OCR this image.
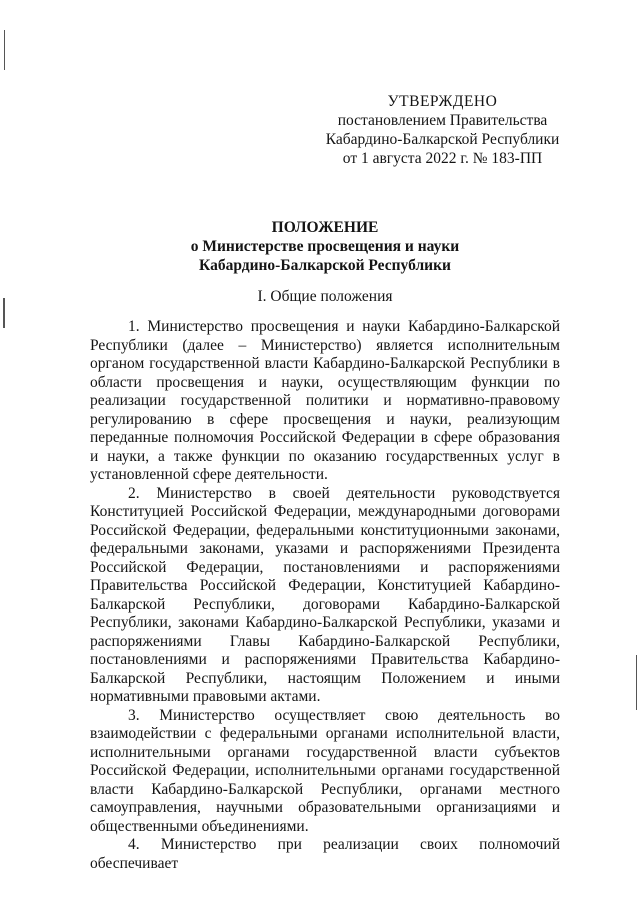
УТВЕРЖДЕНО
постановлением Правительства
Кабардино-Балкарской Республики
от 1 августа 2022 г. № 183-ПП
ПОЛОЖЕНИЕ
о Министерстве просвещения и науки
Кабардино-Балкарской Республики
I. Общие положения

1. Министерство просвещения и науки Кабардино-Балкарской Республики (далее – Министерство) является исполнительным органом государственной власти Кабардино-Балкарской Республики в области просвещения и науки, осуществляющим функции по реализации государственной политики и нормативно-правовому регулированию в сфере просвещения и науки, реализующим переданные полномочия Российской Федерации в сфере образования и науки, а также функции по оказанию государственных услуг в установленной сфере деятельности.

2. Министерство в своей деятельности руководствуется Конституцией Российской Федерации, международными договорами Российской Федерации, федеральными конституционными законами, федеральными законами, указами и распоряжениями Президента Российской Федерации, постановлениями и распоряжениями Правительства Российской Федерации, Конституцией Кабардино-Балкарской Республики, договорами Кабардино-Балкарской Республики, законами Кабардино-Балкарской Республики, указами и распоряжениями Главы Кабардино-Балкарской Республики, постановлениями и распоряжениями Правительства Кабардино-Балкарской Республики, настоящим Положением и иными нормативными правовыми актами.

3. Министерство осуществляет свою деятельность во взаимодействии с федеральными органами исполнительной власти, исполнительными органами государственной власти субъектов Российской Федерации, исполнительными органами государственной власти Кабардино-Балкарской Республики, органами местного самоуправления, научными образовательными организациями и общественными объединениями.

4. Министерство при реализации своих полномочий обеспечивает
